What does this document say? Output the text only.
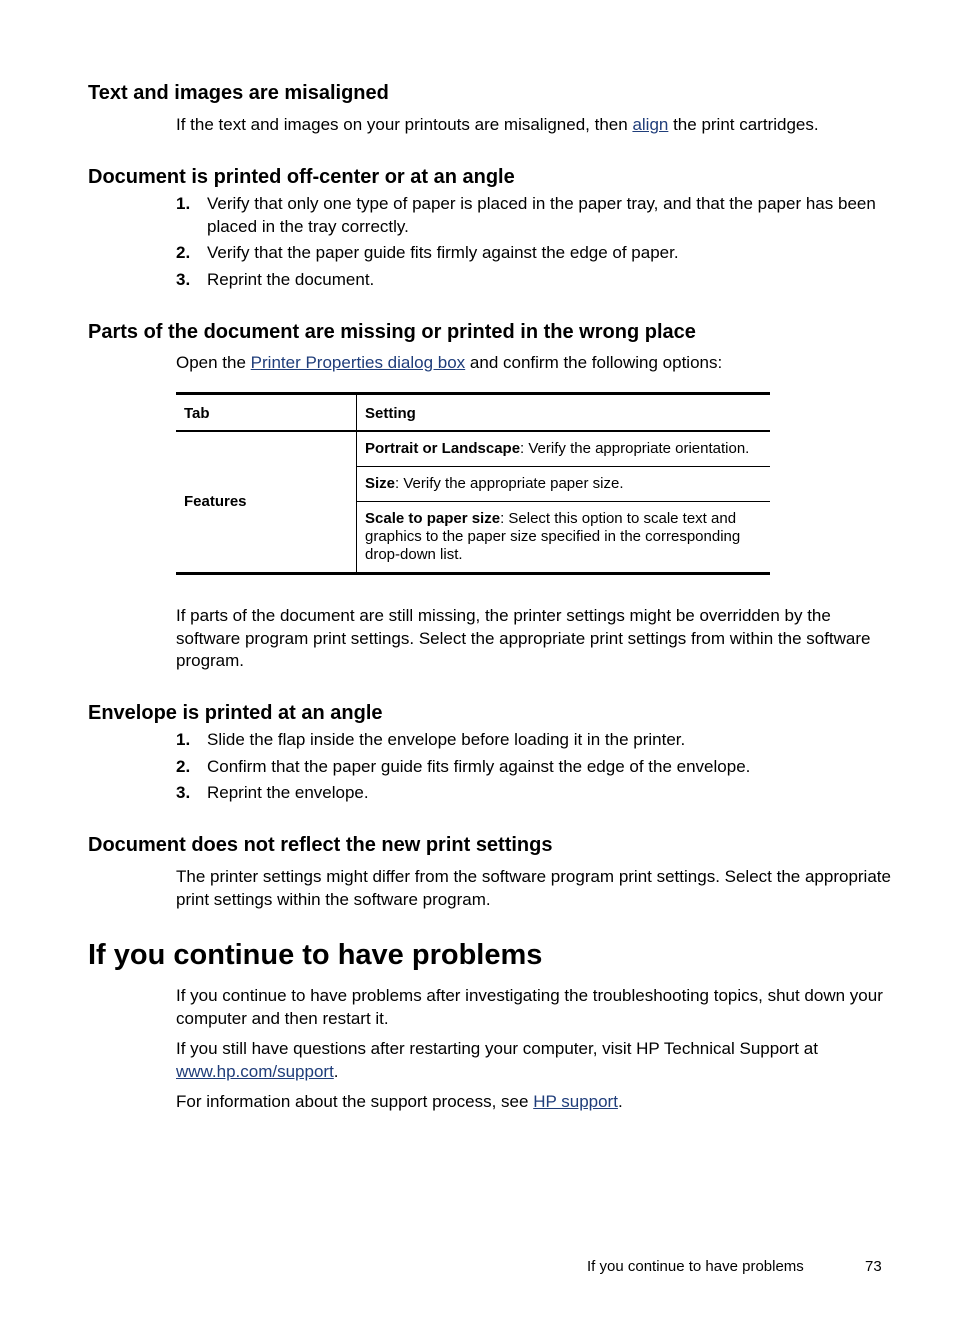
Text and images are misaligned

If the text and images on your printouts are misaligned, then align the print cartridges.

Document is printed off-center or at an angle
1. Verify that only one type of paper is placed in the paper tray, and that the paper has been placed in the tray correctly.
2. Verify that the paper guide fits firmly against the edge of paper.
3. Reprint the document.
Parts of the document are missing or printed in the wrong place

Open the Printer Properties dialog box and confirm the following options:

Tab	Setting
Features	Portrait or Landscape: Verify the appropriate orientation.
	Size: Verify the appropriate paper size.
	Scale to paper size: Select this option to scale text and graphics to the paper size specified in the corresponding drop-down list.

If parts of the document are still missing, the printer settings might be overridden by the software program print settings. Select the appropriate print settings from within the software program.

Envelope is printed at an angle
1. Slide the flap inside the envelope before loading it in the printer.
2. Confirm that the paper guide fits firmly against the edge of the envelope.
3. Reprint the envelope.
Document does not reflect the new print settings

The printer settings might differ from the software program print settings. Select the appropriate print settings within the software program.

If you continue to have problems

If you continue to have problems after investigating the troubleshooting topics, shut down your computer and then restart it.

If you still have questions after restarting your computer, visit HP Technical Support at www.hp.com/support.

For information about the support process, see HP support.

If you continue to have problems	73
